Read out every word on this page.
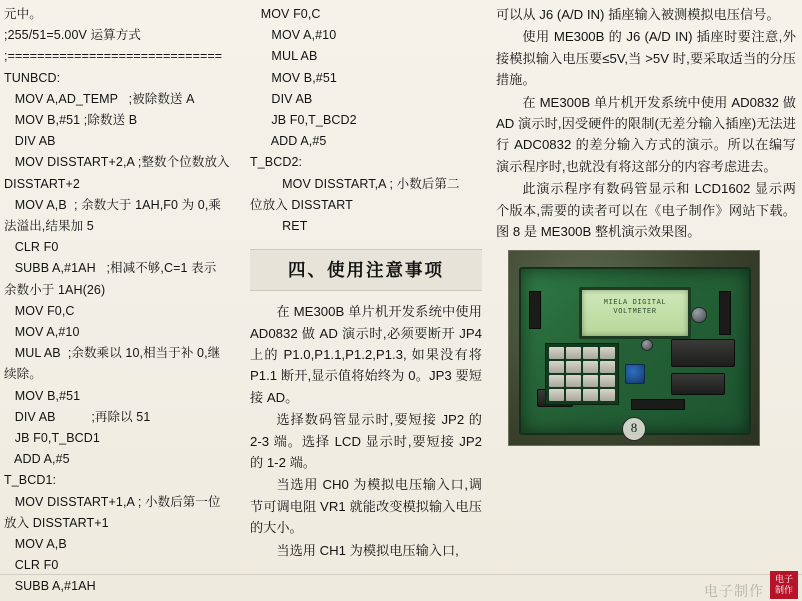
元中。
;255/51=5.00V 运算方式
;=============================
TUNBCD:
MOV A,AD_TEMP   ;被除数送 A
MOV B,#51 ;除数送 B
DIV AB
MOV DISSTART+2,A ;整数个位数放入
DISSTART+2
MOV A,B  ; 余数大于 1AH,F0 为 0,乘
法溢出,结果加 5
CLR F0
SUBB A,#1AH   ;相减不够,C=1 表示
余数小于 1AH(26)
MOV F0,C
MOV A,#10
MUL AB  ;余数乘以 10,相当于补 0,继
续除。
MOV B,#51
DIV AB          ;再除以 51
JB F0,T_BCD1
ADD A,#5
T_BCD1:
MOV DISSTART+1,A ; 小数后第一位
放入 DISSTART+1
MOV A,B
CLR F0
SUBB A,#1AH
MOV F0,C
MOV A,#10
MUL AB
MOV B,#51
DIV AB
JB F0,T_BCD2
ADD A,#5
T_BCD2:
MOV DISSTART,A ; 小数后第二
位放入 DISSTART
RET
四、使用注意事项

在 ME300B 单片机开发系统中使用 AD0832 做 AD 演示时,必须要断开 JP4 上的 P1.0,P1.1,P1.2,P1.3, 如果没有将 P1.1 断开,显示值将始终为 0。JP3 要短接 AD。

选择数码管显示时,要短接 JP2 的 2-3 端。选择 LCD 显示时,要短接 JP2 的 1-2 端。

当选用 CH0 为模拟电压输入口,调节可调电阻 VR1 就能改变模拟输入电压的大小。

当选用 CH1 为模拟电压输入口,

可以从 J6 (A/D IN) 插座输入被测模拟电压信号。

使用 ME300B 的 J6 (A/D IN) 插座时要注意,外接模拟输入电压要≤5V,当 >5V 时,要采取适当的分压措施。

在 ME300B 单片机开发系统中使用 AD0832 做 AD 演示时,因受硬件的限制(无差分输入插座)无法进行 ADC0832 的差分输入方式的演示。所以在编写演示程序时,也就没有将这部分的内容考虑进去。

此演示程序有数码管显示和 LCD1602 显示两个版本,需要的读者可以在《电子制作》网站下载。图 8 是 ME300B 整机演示效果图。

MIELA DIGITAL
VOLTMETER
8
电子制作
电子
制作
